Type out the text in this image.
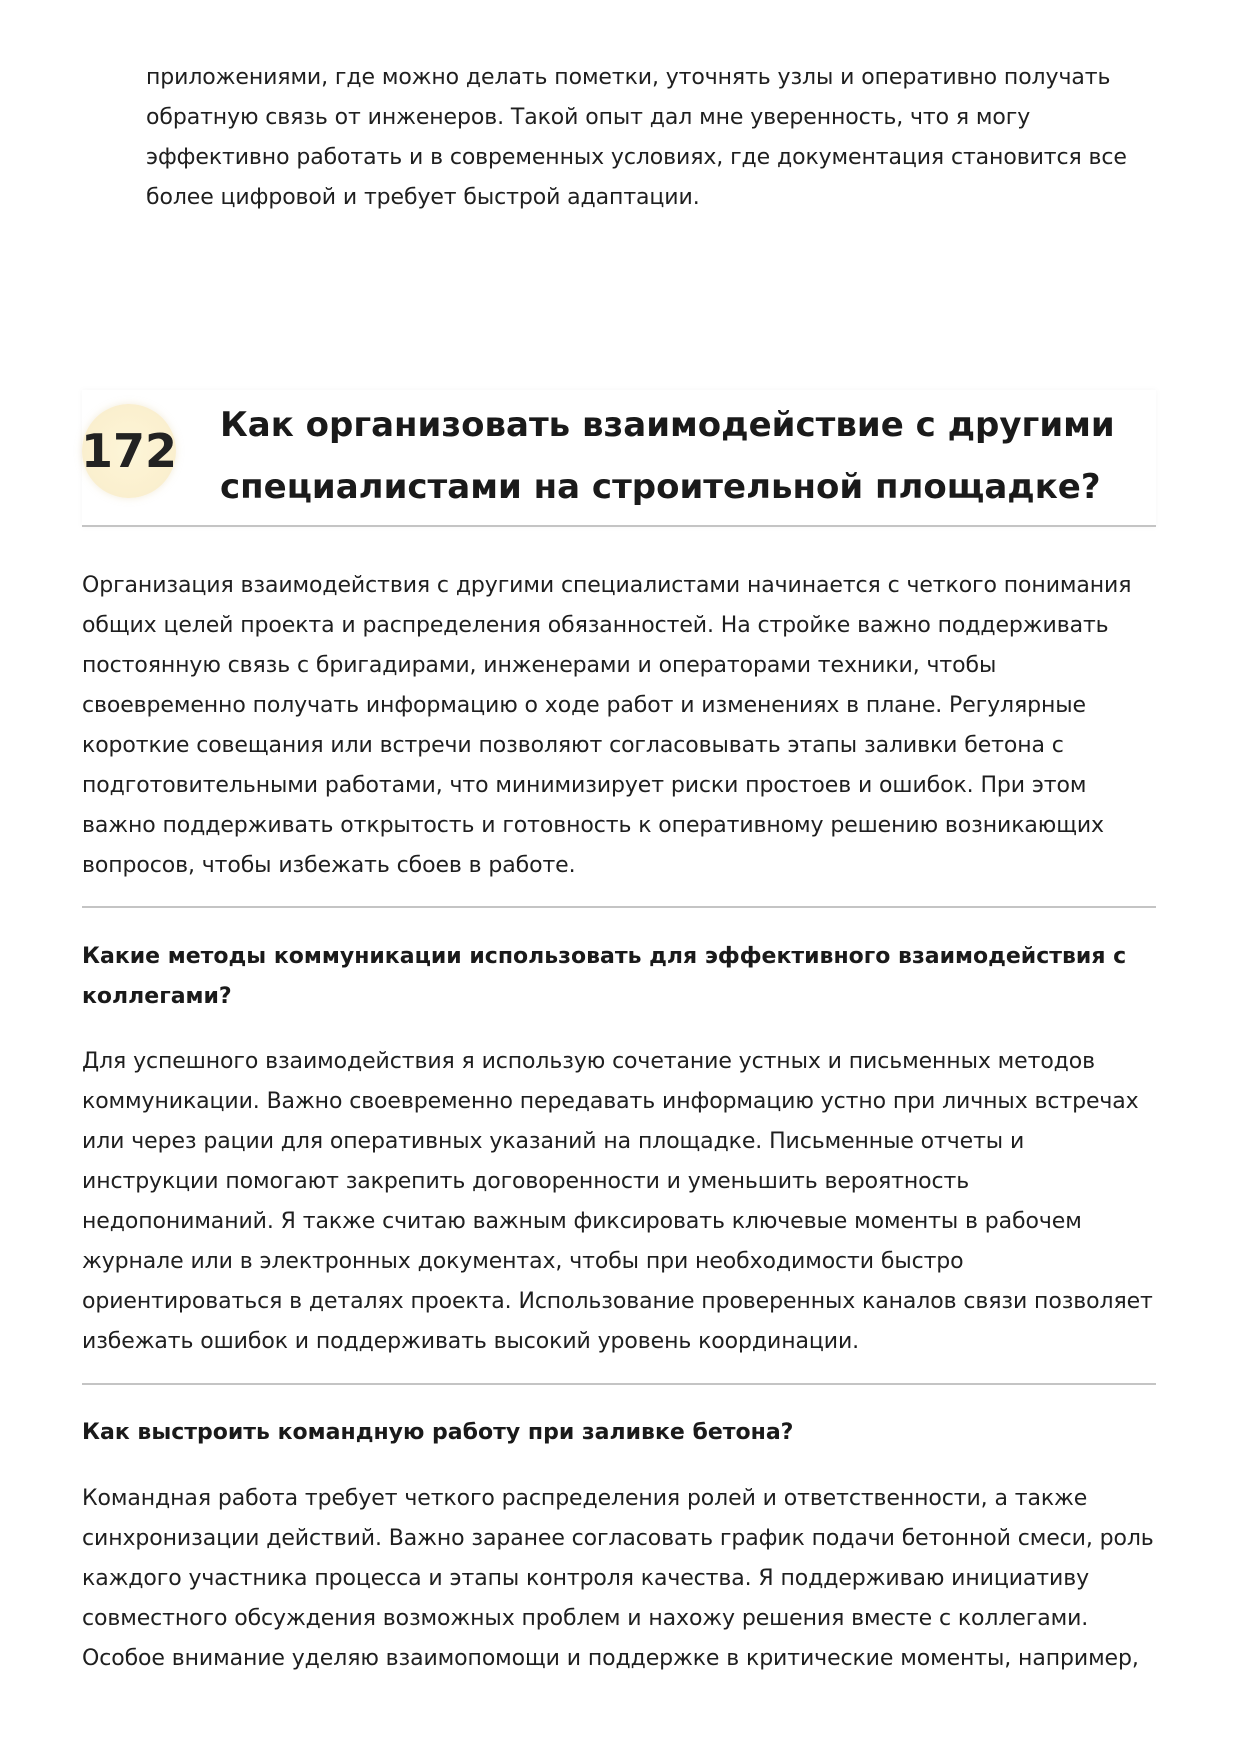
приложениями, где можно делать пометки, уточнять узлы и оперативно получать обратную связь от инженеров. Такой опыт дал мне уверенность, что я могу эффективно работать и в современных условиях, где документация становится все более цифровой и требует быстрой адаптации.
172 Как организовать взаимодействие с другими специалистами на строительной площадке?
Организация взаимодействия с другими специалистами начинается с четкого понимания общих целей проекта и распределения обязанностей. На стройке важно поддерживать постоянную связь с бригадирами, инженерами и операторами техники, чтобы своевременно получать информацию о ходе работ и изменениях в плане. Регулярные короткие совещания или встречи позволяют согласовывать этапы заливки бетона с подготовительными работами, что минимизирует риски простоев и ошибок. При этом важно поддерживать открытость и готовность к оперативному решению возникающих вопросов, чтобы избежать сбоев в работе.
Какие методы коммуникации использовать для эффективного взаимодействия с коллегами?
Для успешного взаимодействия я использую сочетание устных и письменных методов коммуникации. Важно своевременно передавать информацию устно при личных встречах или через рации для оперативных указаний на площадке. Письменные отчеты и инструкции помогают закрепить договоренности и уменьшить вероятность недопониманий. Я также считаю важным фиксировать ключевые моменты в рабочем журнале или в электронных документах, чтобы при необходимости быстро ориентироваться в деталях проекта. Использование проверенных каналов связи позволяет избежать ошибок и поддерживать высокий уровень координации.
Как выстроить командную работу при заливке бетона?
Командная работа требует четкого распределения ролей и ответственности, а также синхронизации действий. Важно заранее согласовать график подачи бетонной смеси, роль каждого участника процесса и этапы контроля качества. Я поддерживаю инициативу совместного обсуждения возможных проблем и нахожу решения вместе с коллегами. Особое внимание уделяю взаимопомощи и поддержке в критические моменты, например,
